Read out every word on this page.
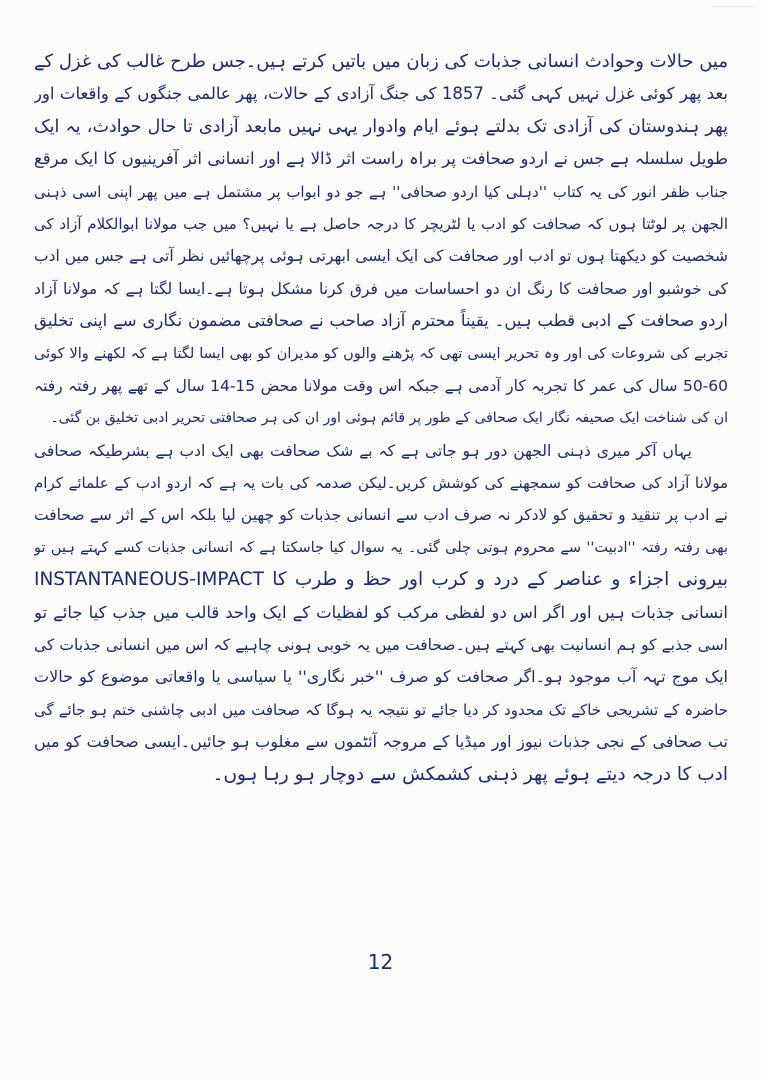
میں حالات وحوادث انسانی جذبات کی زبان میں باتیں کرتے ہیں۔جس طرح غالب کی غزل کے
بعد پھر کوئی غزل نہیں کہی گئی۔ 1857 کی جنگ آزادی کے حالات، پھر عالمی جنگوں کے واقعات اور
پھر ہندوستان کی آزادی تک بدلتے ہوئے ایام وادوار یہی نہیں مابعد آزادی تا حال حوادث، یہ ایک
طویل سلسلہ ہے جس نے اردو صحافت پر براہ راست اثر ڈالا ہے اور انسانی اثر آفرینیوں کا ایک مرقع
جناب ظفر انور کی یہ کتاب ''دہلی کیا اردو صحافی'' ہے جو دو ابواب پر مشتمل ہے میں پھر اپنی اسی ذہنی
الجھن پر لوٹتا ہوں کہ صحافت کو ادب یا لٹریچر کا درجہ حاصل ہے یا نہیں؟ میں جب مولانا ابوالکلام آزاد کی
شخصیت کو دیکھتا ہوں تو ادب اور صحافت کی ایک ایسی ابھرتی ہوئی پرچھائیں نظر آتی ہے جس میں ادب
کی خوشبو اور صحافت کا رنگ ان دو احساسات میں فرق کرنا مشکل ہوتا ہے۔ایسا لگتا ہے کہ مولانا آزاد
اردو صحافت کے ادبی قطب ہیں۔ یقیناً محترم آزاد صاحب نے صحافتی مضمون نگاری سے اپنی تخلیق
تجربے کی شروعات کی اور وہ تحریر ایسی تھی کہ پڑھنے والوں کو مدیران کو بھی ایسا لگتا ہے کہ لکھنے والا کوئی
50-60 سال کی عمر کا تجربہ کار آدمی ہے جبکہ اس وقت مولانا محض 15-14 سال کے تھے پھر رفتہ رفتہ
ان کی شناخت ایک صحیفہ نگار ایک صحافی کے طور پر قائم ہوئی اور ان کی ہر صحافتی تحریر ادبی تخلیق بن گئی۔
یہاں آکر میری ذہنی الجھن دور ہو جاتی ہے کہ بے شک صحافت بھی ایک ادب ہے بشرطیکہ صحافی
مولانا آزاد کی صحافت کو سمجھنے کی کوشش کریں۔لیکن صدمہ کی بات یہ ہے کہ اردو ادب کے علمائے کرام
نے ادب پر تنقید و تحقیق کو لادکر نہ صرف ادب سے انسانی جذبات کو چھین لیا بلکہ اس کے اثر سے صحافت
بھی رفتہ رفتہ ''ادبیت'' سے محروم ہوتی چلی گئی۔ یہ سوال کیا جاسکتا ہے کہ انسانی جذبات کسے کہتے ہیں تو
بیرونی اجزاء و عناصر کے درد و کرب اور حظ و طرب کا INSTANTANEOUS-IMPACT
انسانی جذبات ہیں اور اگر اس دو لفظی مرکب کو لفظیات کے ایک واحد قالب میں جذب کیا جائے تو
اسی جذبے کو ہم انسانیت بھی کہتے ہیں۔صحافت میں یہ خوبی ہونی چاہیے کہ اس میں انسانی جذبات کی
ایک موج تہہ آب موجود ہو۔اگر صحافت کو صرف ''خبر نگاری'' یا سیاسی یا واقعاتی موضوع کو حالات
حاضرہ کے تشریحی خاکے تک محدود کر دیا جائے تو نتیجہ یہ ہوگا کہ صحافت میں ادبی چاشنی ختم ہو جائے گی
تب صحافی کے نجی جذبات نیوز اور میڈیا کے مروجہ آئٹموں سے مغلوب ہو جائیں۔ایسی صحافت کو میں
ادب کا درجہ دیتے ہوئے پھر ذہنی کشمکش سے دوچار ہو رہا ہوں۔
12
